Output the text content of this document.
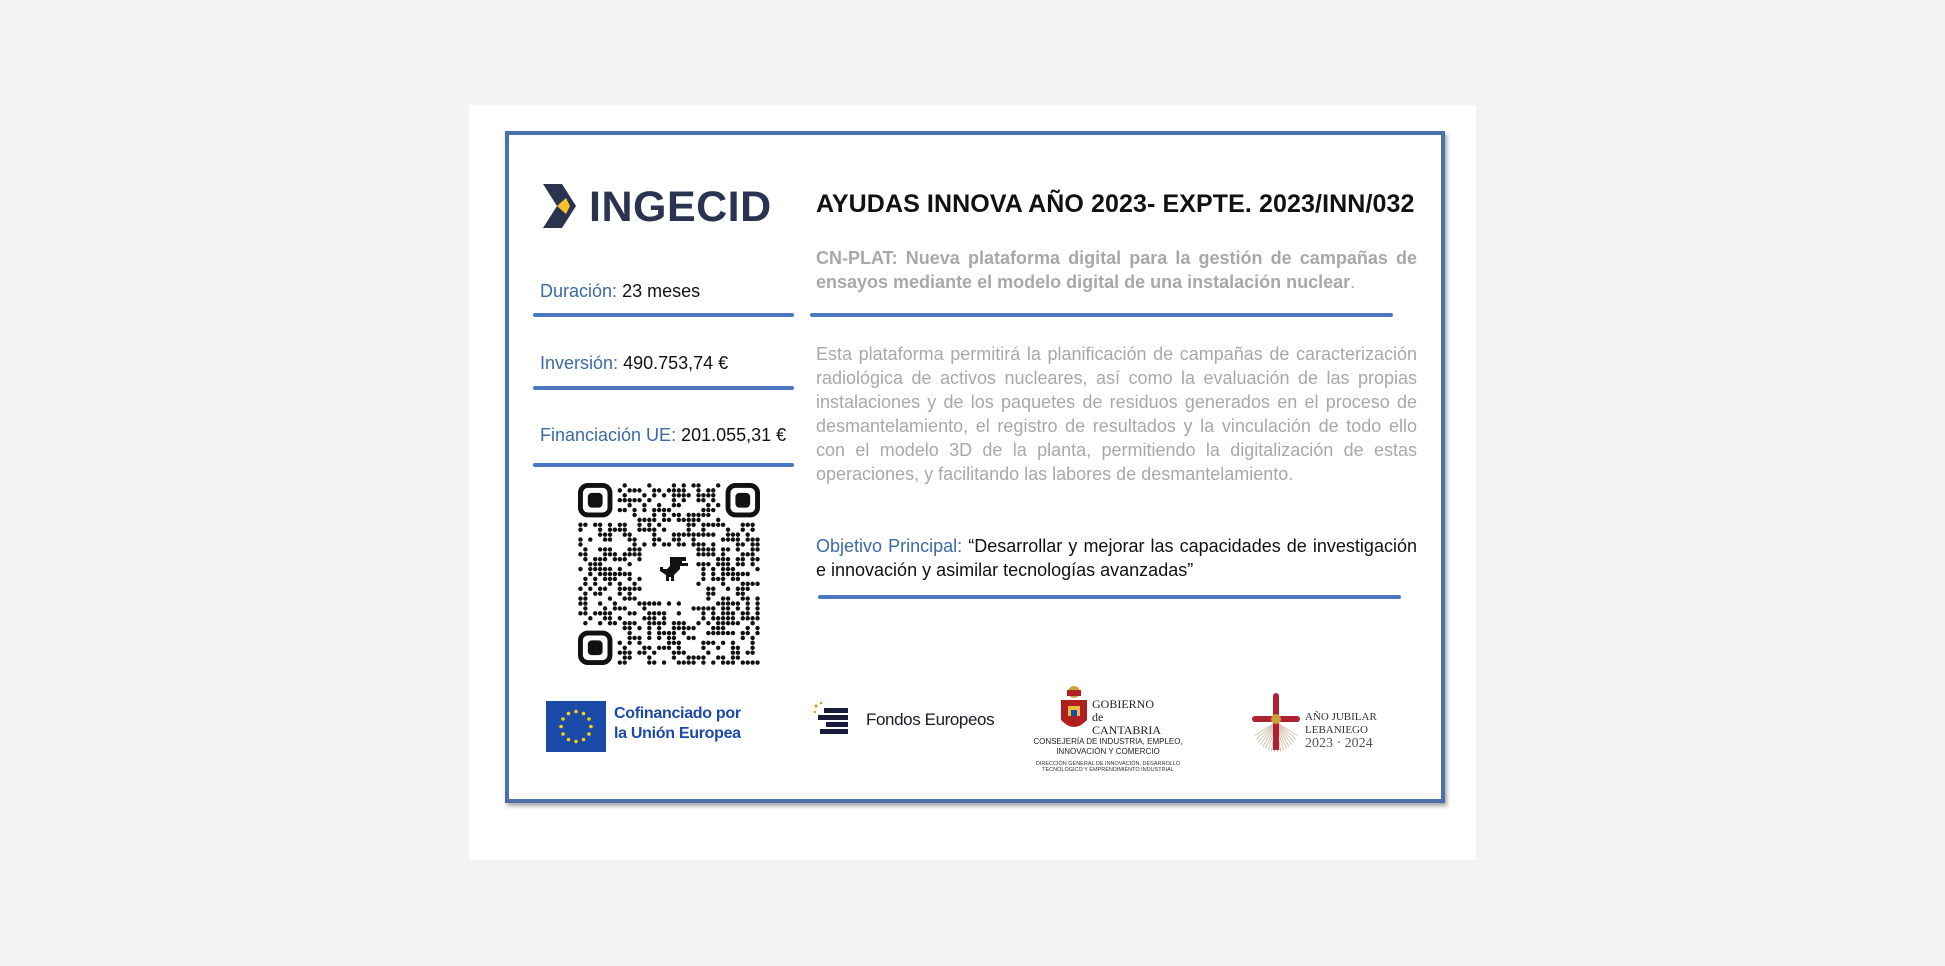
INGECID
Duración: 23 meses
Inversión: 490.753,74 €
Financiación UE: 201.055,31 €
AYUDAS INNOVA AÑO 2023- EXPTE. 2023/INN/032
CN-PLAT: Nueva plataforma digital para la gestión de campañas de ensayos mediante el modelo digital de una instalación nuclear.
Esta plataforma permitirá la planificación de campañas de caracterización radiológica de activos nucleares, así como la evaluación de las propias instalaciones y de los paquetes de residuos generados en el proceso de desmantelamiento, el registro de resultados y la vinculación de todo ello con el modelo 3D de la planta, permitiendo la digitalización de estas operaciones, y facilitando las labores de desmantelamiento.
Objetivo Principal: “Desarrollar y mejorar las capacidades de investigación e innovación y asimilar tecnologías avanzadas”
Cofinanciado por
la Unión Europea
Fondos Europeos
GOBIERNO
de
CANTABRIA
CONSEJERÍA DE INDUSTRIA, EMPLEO,
INNOVACIÓN Y COMERCIO
DIRECCIÓN GENERAL DE INNOVACIÓN, DESARROLLO
TECNOLÓGICO Y EMPRENDIMIENTO INDUSTRIAL
AÑO JUBILAR
LEBANIEGO
2023 · 2024
